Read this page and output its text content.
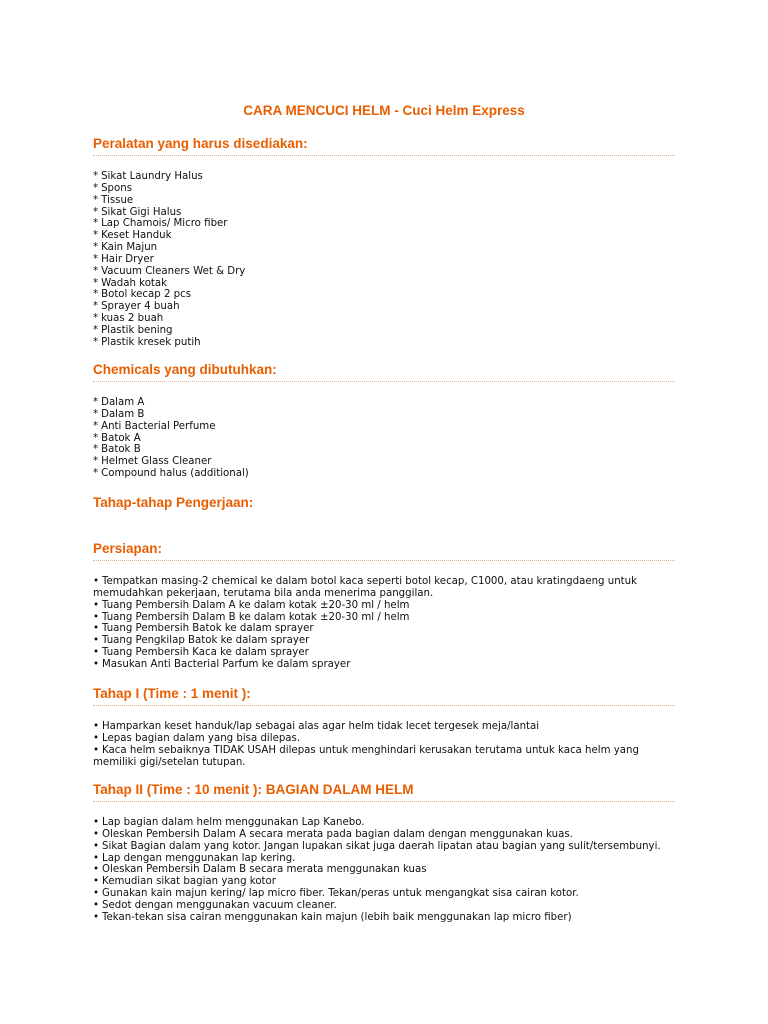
CARA MENCUCI HELM - Cuci Helm Express
Peralatan yang harus disediakan:
* Sikat Laundry Halus
* Spons
* Tissue
* Sikat Gigi Halus
* Lap Chamois/ Micro fiber
* Keset Handuk
* Kain Majun
* Hair Dryer
* Vacuum Cleaners Wet & Dry
* Wadah kotak
* Botol kecap 2 pcs
* Sprayer 4 buah
* kuas 2 buah
* Plastik bening
* Plastik kresek putih
Chemicals yang dibutuhkan:
* Dalam A
* Dalam B
* Anti Bacterial Perfume
* Batok A
* Batok B
* Helmet Glass Cleaner
* Compound halus (additional)
Tahap-tahap Pengerjaan:
Persiapan:
• Tempatkan masing-2 chemical ke dalam botol kaca seperti botol kecap, C1000, atau kratingdaeng untuk memudahkan pekerjaan, terutama bila anda menerima panggilan.
• Tuang Pembersih Dalam A ke dalam kotak ±20-30 ml / helm
• Tuang Pembersih Dalam B ke dalam kotak ±20-30 ml / helm
• Tuang Pembersih Batok ke dalam sprayer
• Tuang Pengkilap Batok ke dalam sprayer
• Tuang Pembersih Kaca ke dalam sprayer
• Masukan Anti Bacterial Parfum ke dalam sprayer
Tahap I (Time : 1 menit ):
• Hamparkan keset handuk/lap sebagai alas agar helm tidak lecet tergesek meja/lantai
• Lepas bagian dalam yang bisa dilepas.
• Kaca helm sebaiknya TIDAK USAH dilepas untuk menghindari kerusakan terutama untuk kaca helm yang memiliki gigi/setelan tutupan.
Tahap II (Time : 10 menit ): BAGIAN DALAM HELM
• Lap bagian dalam helm menggunakan Lap Kanebo.
• Oleskan Pembersih Dalam A secara merata pada bagian dalam dengan menggunakan kuas.
• Sikat Bagian dalam yang kotor. Jangan lupakan sikat juga daerah lipatan atau bagian yang sulit/tersembunyi.
• Lap dengan menggunakan lap kering.
• Oleskan Pembersih Dalam B secara merata menggunakan kuas
• Kemudian sikat bagian yang kotor
• Gunakan kain majun kering/ lap micro fiber. Tekan/peras untuk mengangkat sisa cairan kotor.
• Sedot dengan menggunakan vacuum cleaner.
• Tekan-tekan sisa cairan menggunakan kain majun (lebih baik menggunakan lap micro fiber)
